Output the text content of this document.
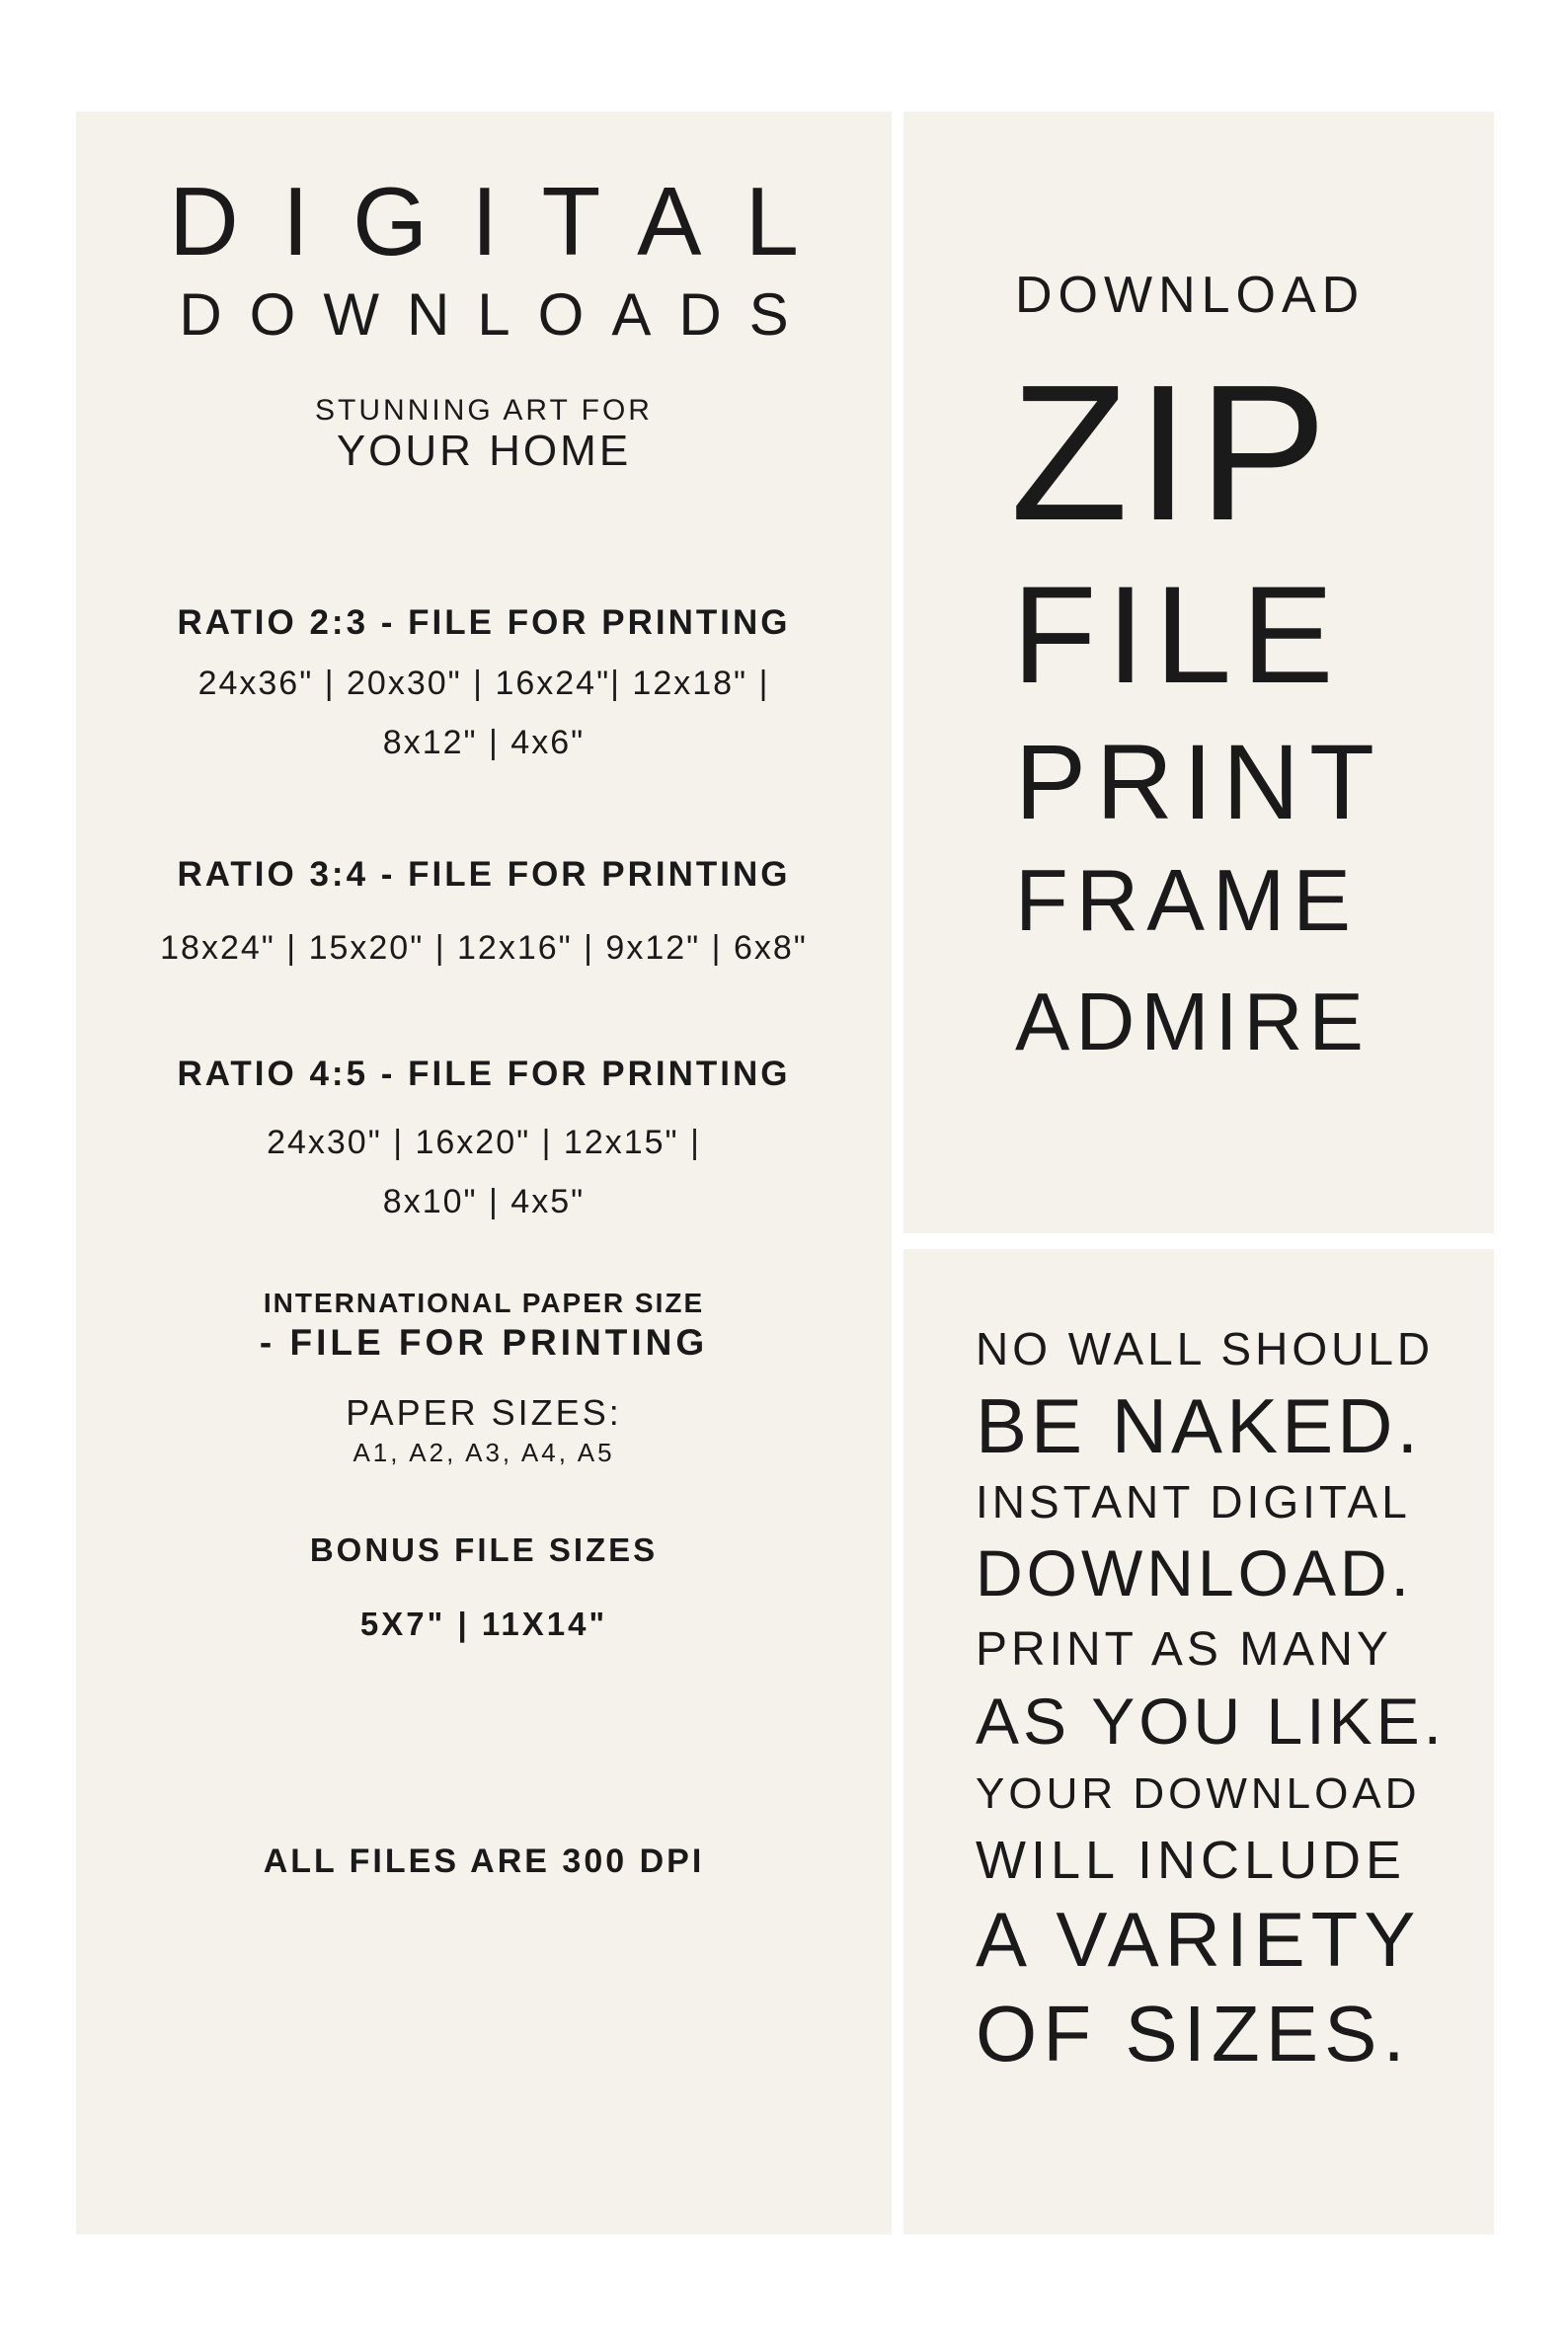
DIGITAL
DOWNLOADS
STUNNING ART FOR
YOUR HOME
RATIO 2:3 - FILE FOR PRINTING
24x36" | 20x30" | 16x24"| 12x18" |
8x12" | 4x6"
RATIO 3:4 - FILE FOR PRINTING
18x24" | 15x20" | 12x16" | 9x12" | 6x8"
RATIO 4:5 - FILE FOR PRINTING
24x30" | 16x20" | 12x15" |
8x10" | 4x5"
INTERNATIONAL PAPER SIZE
- FILE FOR PRINTING
PAPER SIZES:
A1, A2, A3, A4, A5
BONUS FILE SIZES
5X7" | 11X14"
ALL FILES ARE 300 DPI
DOWNLOAD
ZIP
FILE
PRINT
FRAME
ADMIRE
NO WALL SHOULD
BE NAKED.
INSTANT DIGITAL
DOWNLOAD.
PRINT AS MANY
AS YOU LIKE.
YOUR DOWNLOAD
WILL INCLUDE
A VARIETY
OF SIZES.
